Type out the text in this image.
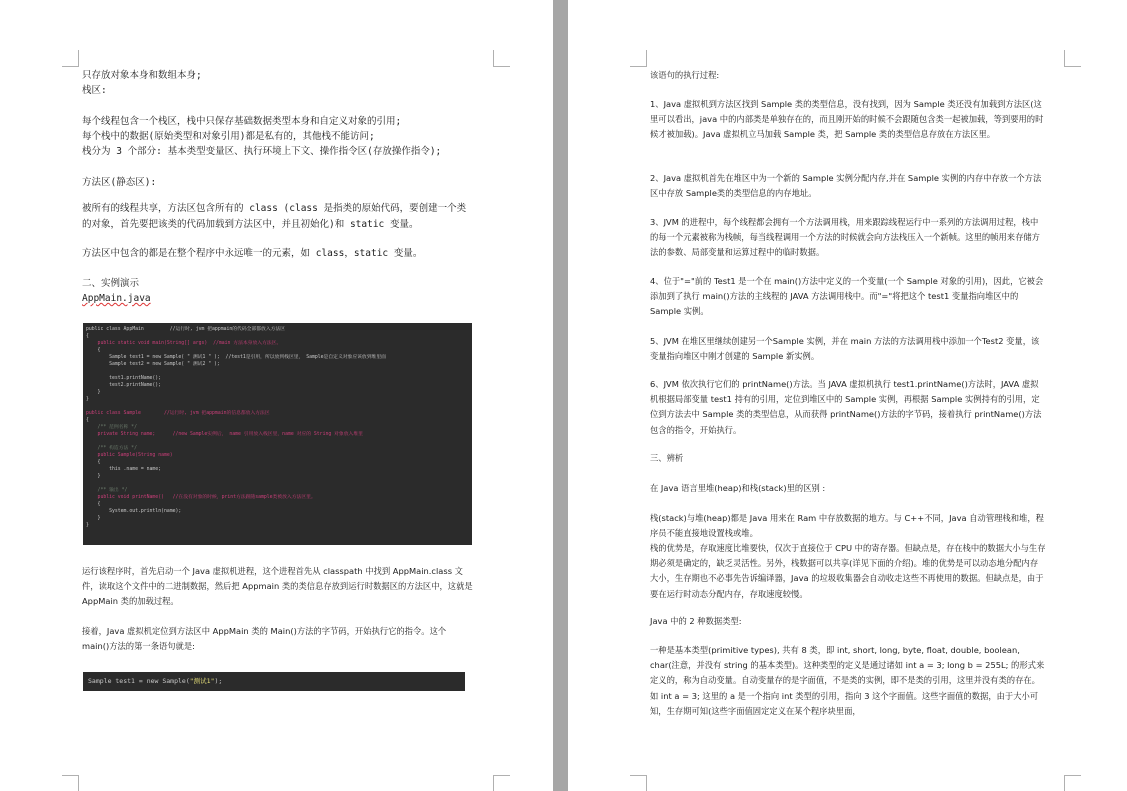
只存放对象本身和数组本身;

栈区:

每个线程包含一个栈区，栈中只保存基础数据类型本身和自定义对象的引用;

每个栈中的数据(原始类型和对象引用)都是私有的，其他栈不能访问;

栈分为 3 个部分: 基本类型变量区、执行环境上下文、操作指令区(存放操作指令);

方法区(静态区):

被所有的线程共享，方法区包含所有的 class (class 是指类的原始代码，要创建一个类的对象，首先要把该类的代码加载到方法区中，并且初始化)和 static 变量。

方法区中包含的都是在整个程序中永远唯一的元素，如 class，static 变量。

二、实例演示

AppMain.java

public class AppMain         //运行时, jvm 把appmain的代码全部都放入方法区
{
public static void main(String[] args)  //main 方法本身放入方法区。
{
Sample test1 = new Sample( " 测试1 " );  //test1是引用，所以放到栈区里， Sample是自定义对象应该放到堆里面
Sample test2 = new Sample( " 测试2 " );

test1.printName();
test2.printName();
}
}

public class Sample        //运行时, jvm 把appmain的信息都放入方法区
{
/** 范例名称 */
private String name;      //new Sample实例后， name 引用放入栈区里，name 对应的 String 对象放入堆里

/** 构造方法 */
public Sample(String name)
{
this .name = name;
}

/** 输出 */
public void printName()   //在没有对象的时候，print方法跟随sample类被放入方法区里。
{
System.out.println(name);
}
}

运行该程序时，首先启动一个 Java 虚拟机进程，这个进程首先从 classpath 中找到 AppMain.class 文件，读取这个文件中的二进制数据，然后把 Appmain 类的类信息存放到运行时数据区的方法区中，这就是 AppMain 类的加载过程。

接着，Java 虚拟机定位到方法区中 AppMain 类的 Main()方法的字节码，开始执行它的指令。这个 main()方法的第一条语句就是:

Sample test1 = new Sample("测试1");

该语句的执行过程:

1、Java 虚拟机到方法区找到 Sample 类的类型信息，没有找到，因为 Sample 类还没有加载到方法区(这里可以看出，java 中的内部类是单独存在的，而且刚开始的时候不会跟随包含类一起被加载，等到要用的时候才被加载)。Java 虚拟机立马加载 Sample 类，把 Sample 类的类型信息存放在方法区里。

2、Java 虚拟机首先在堆区中为一个新的 Sample 实例分配内存,并在 Sample 实例的内存中存放一个方法区中存放 Sample类的类型信息的内存地址。

3、JVM 的进程中，每个线程都会拥有一个方法调用栈，用来跟踪线程运行中一系列的方法调用过程，栈中的每一个元素被称为栈帧，每当线程调用一个方法的时候就会向方法栈压入一个新帧。这里的帧用来存储方法的参数、局部变量和运算过程中的临时数据。

4、位于"="前的 Test1 是一个在 main()方法中定义的一个变量(一个 Sample 对象的引用)，因此，它被会添加到了执行 main()方法的主线程的 JAVA 方法调用栈中。而"="将把这个 test1 变量指向堆区中的 Sample 实例。

5、JVM 在堆区里继续创建另一个Sample 实例，并在 main 方法的方法调用栈中添加一个Test2 变量，该变量指向堆区中刚才创建的 Sample 新实例。

6、JVM 依次执行它们的 printName()方法。当 JAVA 虚拟机执行 test1.printName()方法时，JAVA 虚拟机根据局部变量 test1 持有的引用，定位到堆区中的 Sample 实例，再根据 Sample 实例持有的引用，定位到方法去中 Sample 类的类型信息，从而获得 printName()方法的字节码，接着执行 printName()方法包含的指令，开始执行。

三、辨析

在 Java 语言里堆(heap)和栈(stack)里的区别 :

栈(stack)与堆(heap)都是 Java 用来在 Ram 中存放数据的地方。与 C++不同，Java 自动管理栈和堆，程序员不能直接地设置栈或堆。

栈的优势是，存取速度比堆要快，仅次于直接位于 CPU 中的寄存器。但缺点是，存在栈中的数据大小与生存期必须是确定的，缺乏灵活性。另外，栈数据可以共享(详见下面的介绍)。堆的优势是可以动态地分配内存大小，生存期也不必事先告诉编译器，Java 的垃圾收集器会自动收走这些不再使用的数据。但缺点是，由于要在运行时动态分配内存，存取速度较慢。

Java 中的 2 种数据类型:

一种是基本类型(primitive types), 共有 8 类，即 int, short, long, byte, float, double, boolean, char(注意，并没有 string 的基本类型)。这种类型的定义是通过诸如 int a = 3; long b = 255L; 的形式来定义的，称为自动变量。自动变量存的是字面值，不是类的实例，即不是类的引用，这里并没有类的存在。如 int a = 3; 这里的 a 是一个指向 int 类型的引用，指向 3 这个字面值。这些字面值的数据，由于大小可知，生存期可知(这些字面值固定定义在某个程序块里面，
